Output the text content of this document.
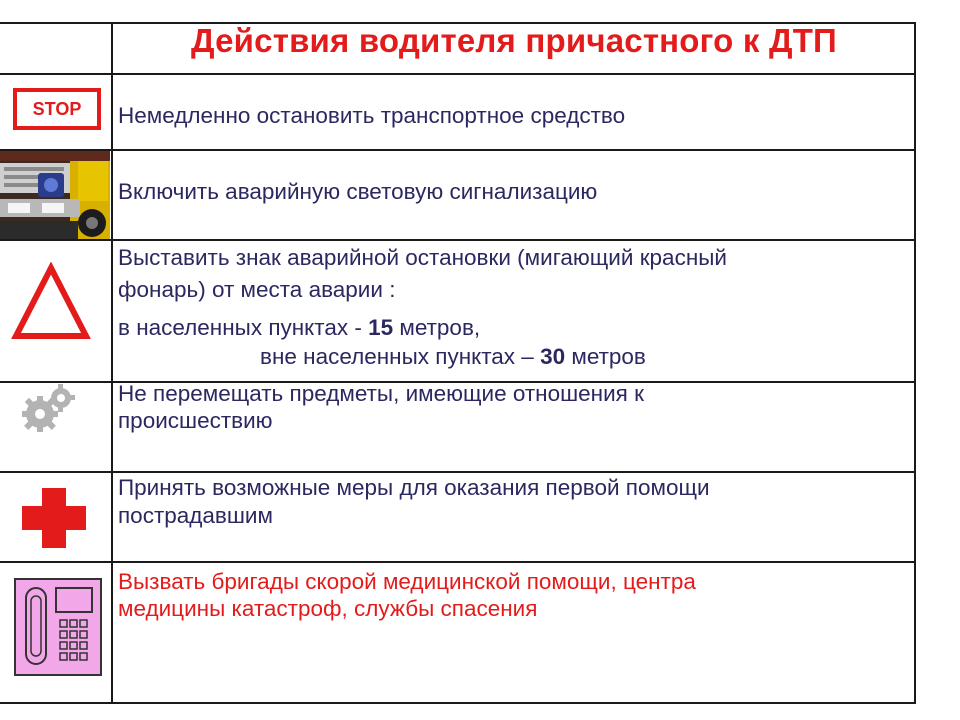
Действия водителя причастного к ДТП
STOP Немедленно остановить транспортное средство
Включить аварийную световую сигнализацию
Выставить знак аварийной остановки (мигающий красный
фонарь) от места аварии :
в населенных пунктах - 15 метров,
вне населенных пунктах – 30 метров
Не перемещать предметы, имеющие отношения к
происшествию
Принять возможные меры для оказания первой помощи
пострадавшим
Вызвать бригады скорой медицинской помощи, центра
медицины катастроф, службы спасения
